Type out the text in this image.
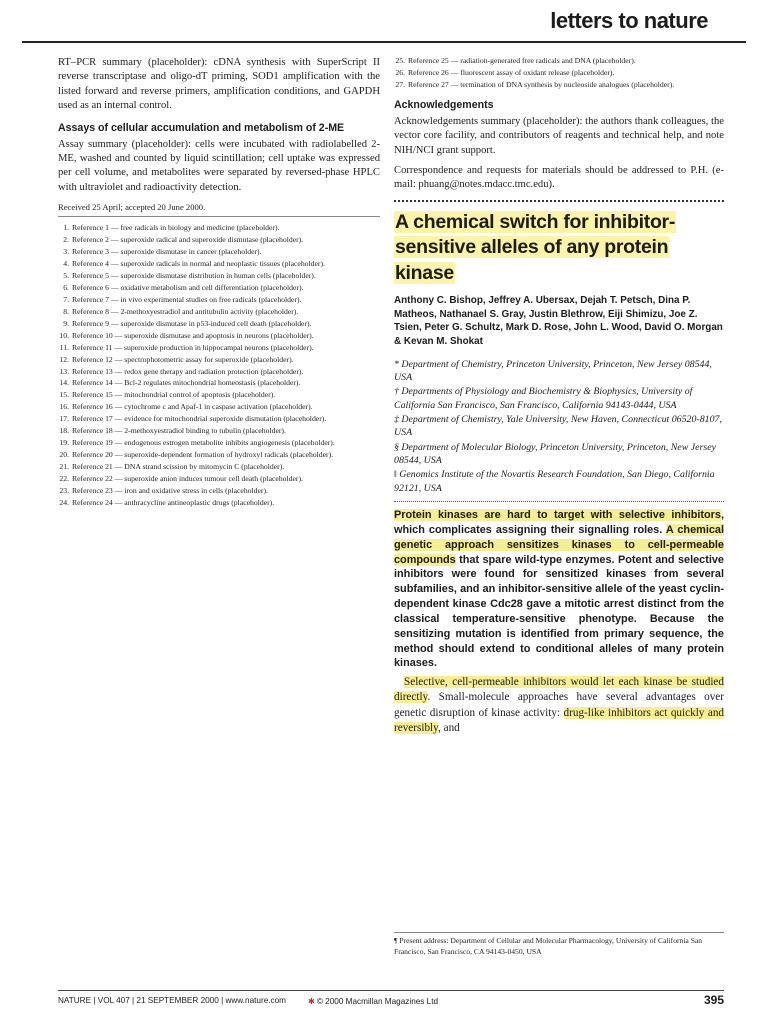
letters to nature

RT–PCR summary (placeholder): cDNA synthesis with SuperScript II reverse transcriptase and oligo-dT priming, SOD1 amplification with the listed forward and reverse primers, amplification conditions, and GAPDH used as an internal control.

Assays of cellular accumulation and metabolism of 2-ME

Assay summary (placeholder): cells were incubated with radiolabelled 2-ME, washed and counted by liquid scintillation; cell uptake was expressed per cell volume, and metabolites were separated by reversed-phase HPLC with ultraviolet and radioactivity detection.

Received 25 April; accepted 20 June 2000.
1. Reference 1 — free radicals in biology and medicine (placeholder).
2. Reference 2 — superoxide radical and superoxide dismutase (placeholder).
3. Reference 3 — superoxide dismutase in cancer (placeholder).
4. Reference 4 — superoxide radicals in normal and neoplastic tissues (placeholder).
5. Reference 5 — superoxide dismutase distribution in human cells (placeholder).
6. Reference 6 — oxidative metabolism and cell differentiation (placeholder).
7. Reference 7 — in vivo experimental studies on free radicals (placeholder).
8. Reference 8 — 2-methoxyestradiol and antitubulin activity (placeholder).
9. Reference 9 — superoxide dismutase in p53-induced cell death (placeholder).
10. Reference 10 — superoxide dismutase and apoptosis in neurons (placeholder).
11. Reference 11 — superoxide production in hippocampal neurons (placeholder).
12. Reference 12 — spectrophotometric assay for superoxide (placeholder).
13. Reference 13 — redox gene therapy and radiation protection (placeholder).
14. Reference 14 — Bcl-2 regulates mitochondrial homeostasis (placeholder).
15. Reference 15 — mitochondrial control of apoptosis (placeholder).
16. Reference 16 — cytochrome c and Apaf-1 in caspase activation (placeholder).
17. Reference 17 — evidence for mitochondrial superoxide dismutation (placeholder).
18. Reference 18 — 2-methoxyestradiol binding to tubulin (placeholder).
19. Reference 19 — endogenous estrogen metabolite inhibits angiogenesis (placeholder).
20. Reference 20 — superoxide-dependent formation of hydroxyl radicals (placeholder).
21. Reference 21 — DNA strand scission by mitomycin C (placeholder).
22. Reference 22 — superoxide anion induces tumour cell death (placeholder).
23. Reference 23 — iron and oxidative stress in cells (placeholder).
24. Reference 24 — anthracycline antineoplastic drugs (placeholder).
25. Reference 25 — radiation-generated free radicals and DNA (placeholder).
26. Reference 26 — fluorescent assay of oxidant release (placeholder).
27. Reference 27 — termination of DNA synthesis by nucleoside analogues (placeholder).
Acknowledgements

Acknowledgements summary (placeholder): the authors thank colleagues, the vector core facility, and contributors of reagents and technical help, and note NIH/NCI grant support.

Correspondence and requests for materials should be addressed to P.H. (e-mail: phuang@notes.mdacc.tmc.edu).

A chemical switch for inhibitor-sensitive alleles of any protein kinase
Anthony C. Bishop, Jeffrey A. Ubersax, Dejah T. Petsch, Dina P. Matheos, Nathanael S. Gray, Justin Blethrow, Eiji Shimizu, Joe Z. Tsien, Peter G. Schultz, Mark D. Rose, John L. Wood, David O. Morgan & Kevan M. Shokat
* Department of Chemistry, Princeton University, Princeton, New Jersey 08544, USA
† Departments of Physiology and Biochemistry & Biophysics, University of California San Francisco, San Francisco, California 94143-0444, USA
‡ Department of Chemistry, Yale University, New Haven, Connecticut 06520-8107, USA
§ Department of Molecular Biology, Princeton University, Princeton, New Jersey 08544, USA
‖ Genomics Institute of the Novartis Research Foundation, San Diego, California 92121, USA

Protein kinases are hard to target with selective inhibitors, which complicates assigning their signalling roles. A chemical genetic approach sensitizes kinases to cell-permeable compounds that spare wild-type enzymes. Potent and selective inhibitors were found for sensitized kinases from several subfamilies, and an inhibitor-sensitive allele of the yeast cyclin-dependent kinase Cdc28 gave a mitotic arrest distinct from the classical temperature-sensitive phenotype. Because the sensitizing mutation is identified from primary sequence, the method should extend to conditional alleles of many protein kinases.

Selective, cell-permeable inhibitors would let each kinase be studied directly. Small-molecule approaches have several advantages over genetic disruption of kinase activity: drug-like inhibitors act quickly and reversibly, and

¶ Present address: Department of Cellular and Molecular Pharmacology, University of California San Francisco, San Francisco, CA 94143-0450, USA
NATURE | VOL 407 | 21 SEPTEMBER 2000 | www.nature.com	✱ © 2000 Macmillan Magazines Ltd	395
